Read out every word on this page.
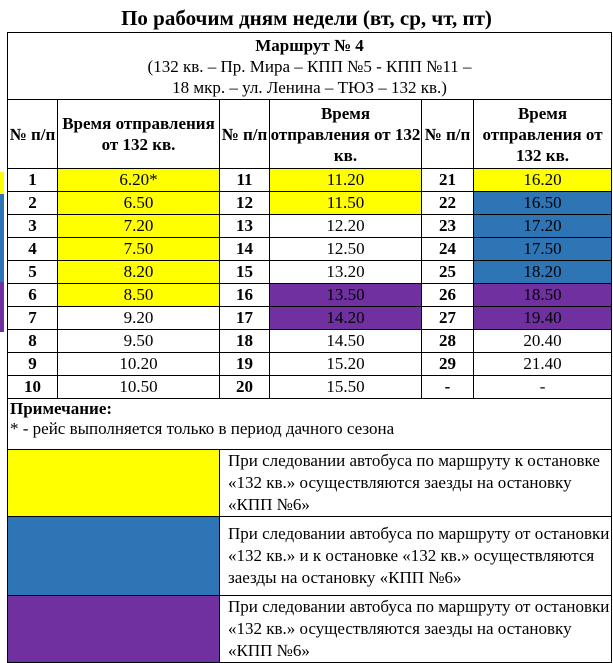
По рабочим дням недели (вт, ср, чт, пт)
Маршрут № 4
(132 кв. – Пр. Мира – КПП №5 - КПП №11 –
18 мкр. – ул. Ленина – ТЮЗ – 132 кв.)					

№ п/п	Время отправления от 132 кв.	№ п/п	Время отправления от 132 кв.	№ п/п	Время отправления от 132 кв.
1	6.20*	11	11.20	21	16.20
2	6.50	12	11.50	22	16.50
3	7.20	13	12.20	23	17.20
4	7.50	14	12.50	24	17.50
5	8.20	15	13.20	25	18.20
6	8.50	16	13.50	26	18.50
7	9.20	17	14.20	27	19.40
8	9.50	18	14.50	28	20.40
9	10.20	19	15.20	29	21.40
10	10.50	20	15.50	-	-

Примечание:
* - рейс выполняется только в период дачного сезона					

		При следовании автобуса по маршруту к остановке «132 кв.» осуществляются заезды на остановку «КПП №6»			
		При следовании автобуса по маршруту от остановки «132 кв.» и к остановке «132 кв.» осуществляются заезды на остановку «КПП №6»			
		При следовании автобуса по маршруту от остановки «132 кв.» осуществляются заезды на остановку «КПП №6»			
